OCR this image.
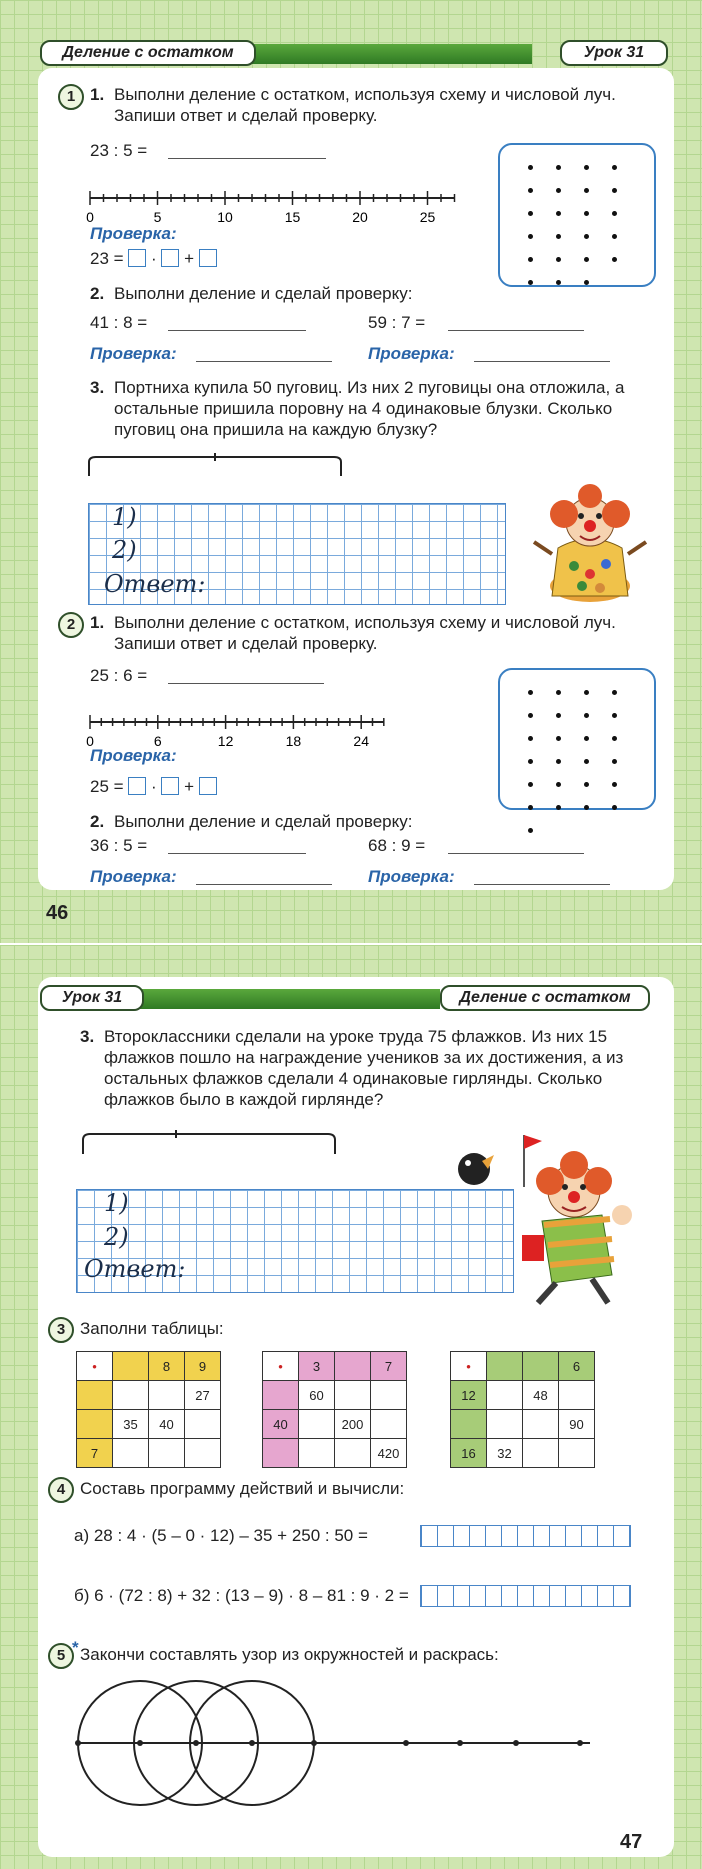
Деление с остатком	Урок 31
1 1. Выполни деление с остатком, используя схему и числовой луч. Запиши ответ и сделай проверку.
23 : 5 =
0	5	10	15	20	25
Проверка:
23 =  ·  +
2. Выполни деление и сделай проверку:
41 : 8 =	59 : 7 =
Проверка:	Проверка:
3. Портниха купила 50 пуговиц. Из них 2 пуговицы она отложила, а остальные пришила поровну на 4 одинаковые блузки. Сколько пуговиц она пришила на каждую блузку?
1)
2)
Ответ:
2 1. Выполни деление с остатком, используя схему и числовой луч. Запиши ответ и сделай проверку.
25 : 6 =
0	6	12	18	24
Проверка:
25 =  ·  +
2. Выполни деление и сделай проверку:
36 : 5 =	68 : 9 =
Проверка:	Проверка:
46
Урок 31	Деление с остатком
3. Второклассники сделали на уроке труда 75 флажков. Из них 15 флажков пошло на награждение учеников за их достижения, а из остальных флажков сделали 4 одинаковые гирлянды. Сколько флажков было в каждой гирлянде?
1)
2)
Ответ:
3 Заполни таблицы:
•		8	9
			27
	35	40	
7			
•	3		7
	60		
40		200	
			420
•			6
12		48	
			90
16	32		
4 Составь программу действий и вычисли:
а) 28 : 4 · (5 – 0 · 12) – 35 + 250 : 50 =
б) 6 · (72 : 8) + 32 : (13 – 9) · 8 – 81 : 9 · 2 =
5 * Закончи составлять узор из окружностей и раскрась:
47
